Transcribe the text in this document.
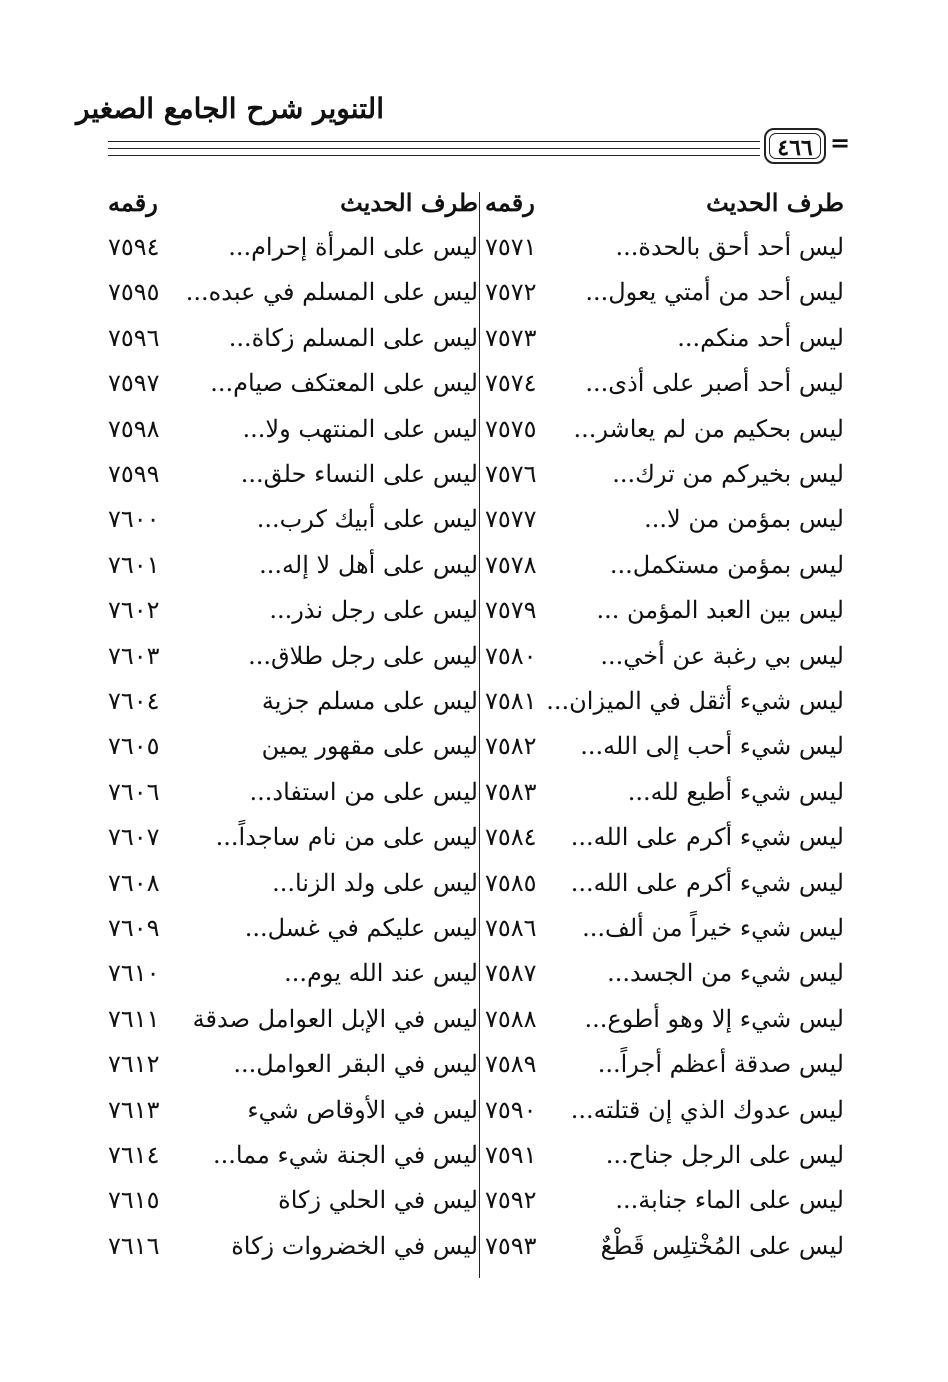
التنوير شرح الجامع الصغير
٤٦٦ =
طرف الحديث
رقمه
طرف الحديث
رقمه
ليس أحد أحق بالحدة...
٧٥٧١
ليس أحد من أمتي يعول...
٧٥٧٢
ليس أحد منكم...
٧٥٧٣
ليس أحد أصبر على أذى...
٧٥٧٤
ليس بحكيم من لم يعاشر...
٧٥٧٥
ليس بخيركم من ترك...
٧٥٧٦
ليس بمؤمن من لا...
٧٥٧٧
ليس بمؤمن مستكمل...
٧٥٧٨
ليس بين العبد المؤمن ...
٧٥٧٩
ليس بي رغبة عن أخي...
٧٥٨٠
ليس شيء أثقل في الميزان...
٧٥٨١
ليس شيء أحب إلى الله...
٧٥٨٢
ليس شيء أطيع لله...
٧٥٨٣
ليس شيء أكرم على الله...
٧٥٨٤
ليس شيء أكرم على الله...
٧٥٨٥
ليس شيء خيراً من ألف...
٧٥٨٦
ليس شيء من الجسد...
٧٥٨٧
ليس شيء إلا وهو أطوع...
٧٥٨٨
ليس صدقة أعظم أجراً...
٧٥٨٩
ليس عدوك الذي إن قتلته...
٧٥٩٠
ليس على الرجل جناح...
٧٥٩١
ليس على الماء جنابة...
٧٥٩٢
ليس على المُخْتلِس قَطْعٌ
٧٥٩٣
ليس على المرأة إحرام...
٧٥٩٤
ليس على المسلم في عبده...
٧٥٩٥
ليس على المسلم زكاة...
٧٥٩٦
ليس على المعتكف صيام...
٧٥٩٧
ليس على المنتهب ولا...
٧٥٩٨
ليس على النساء حلق...
٧٥٩٩
ليس على أبيك كرب...
٧٦٠٠
ليس على أهل لا إله...
٧٦٠١
ليس على رجل نذر...
٧٦٠٢
ليس على رجل طلاق...
٧٦٠٣
ليس على مسلم جزية
٧٦٠٤
ليس على مقهور يمين
٧٦٠٥
ليس على من استفاد...
٧٦٠٦
ليس على من نام ساجداً...
٧٦٠٧
ليس على ولد الزنا...
٧٦٠٨
ليس عليكم في غسل...
٧٦٠٩
ليس عند الله يوم...
٧٦١٠
ليس في الإبل العوامل صدقة
٧٦١١
ليس في البقر العوامل...
٧٦١٢
ليس في الأوقاص شيء
٧٦١٣
ليس في الجنة شيء مما...
٧٦١٤
ليس في الحلي زكاة
٧٦١٥
ليس في الخضروات زكاة
٧٦١٦
